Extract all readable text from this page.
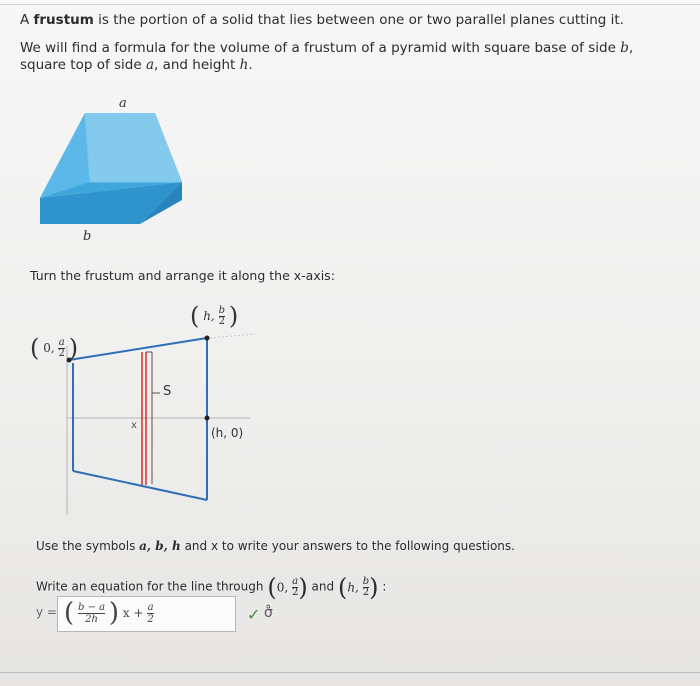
A frustum is the portion of a solid that lies between one or two parallel planes cutting it.
We will find a formula for the volume of a frustum of a pyramid with square base of side b, square top of side a, and height h.
a
b
Turn the frustum and arrange it along the x-axis:
S
x
(h, 0)
( h, $\frac{b}{2}$ )
( 0, $\frac{a}{2}$ )
Use the symbols a, b, h and x to write your answers to the following questions.
Write an equation for the line through (0, $\frac{a}{2}$ ) and (h, $\frac{b}{2}$ ) :
y = ( $\frac{b - a}{2h}$ ) $x + \frac{a}{2}$	✓ σ̊
